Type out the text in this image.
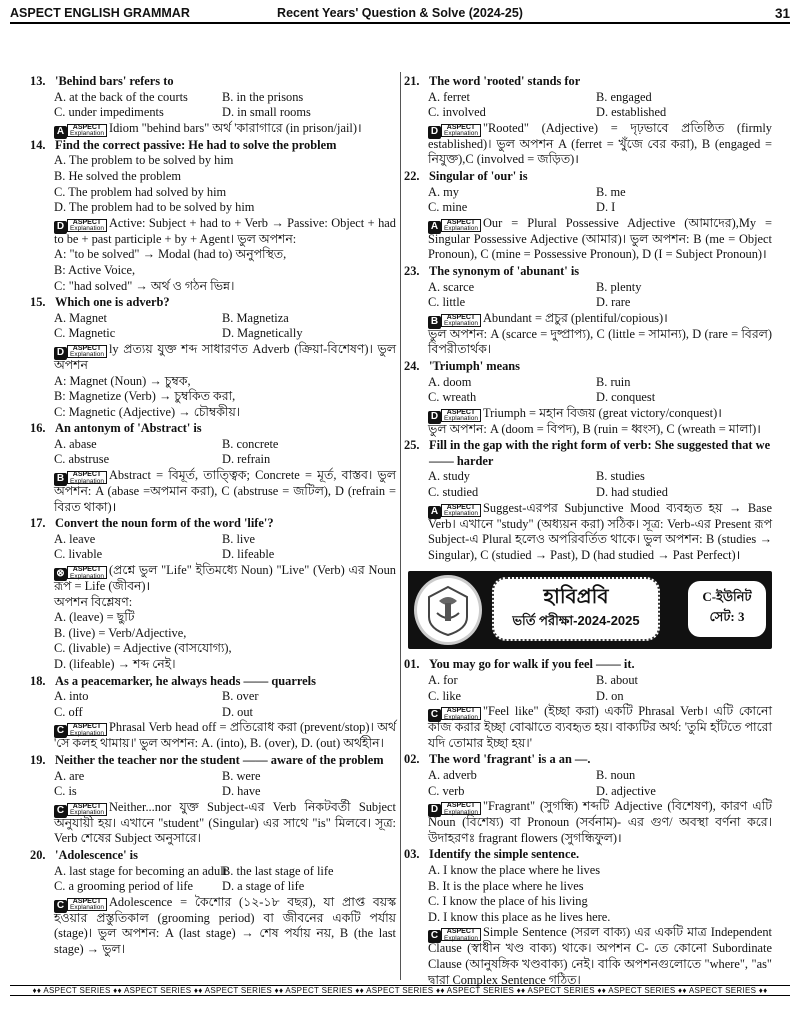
ASPECT ENGLISH GRAMMAR	Recent Years' Question & Solve (2024-25)	31
13. 'Behind bars' refers to
A. at the back of the courts	B. in the prisons
C. under impediments	D. in small rooms
A	ASPECT
Explanation Idiom "behind bars" অর্থ 'কারাগারে (in prison/jail)।
14. Find the correct passive: He had to solve the problem
A. The problem to be solved by him
B. He solved the problem
C. The problem had solved by him
D. The problem had to be solved by him
D	ASPECT
Explanation Active: Subject + had to + Verb → Passive: Object + had to be + past participle + by + Agent। ভুল অপশন:
A: "to be solved" → Modal (had to) অনুপস্থিত,
B: Active Voice,
C: "had solved" → অর্থ ও গঠন ভিন্ন।
15. Which one is adverb?
A. Magnet	B. Magnetiza
C. Magnetic	D. Magnetically
D	ASPECT
Explanation ly প্রত্যয় যুক্ত শব্দ সাধারণত Adverb (ক্রিয়া-বিশেষণ)। ভুল অপশন
A: Magnet (Noun) → চুম্বক,
B: Magnetize (Verb) → চুম্বকিত করা,
C: Magnetic (Adjective) → চৌম্বকীয়।
16. An antonym of 'Abstract' is
A. abase	B. concrete
C. abstruse	D. refrain
B	ASPECT
Explanation Abstract = বিমূর্ত, তাত্ত্বিক; Concrete = মূর্ত, বাস্তব। ভুল অপশন: A (abase =অপমান করা), C (abstruse = জটিল), D (refrain = বিরত থাকা)।
17. Convert the noun form of the word 'life'?
A. leave	B. live
C. livable	D. lifeable
⊗	ASPECT
Explanation (প্রশ্নে ভুল "Life" ইতিমধ্যে Noun) "Live" (Verb) এর Noun রূপ = Life (জীবন)।
অপশন বিশ্লেষণ:
A. (leave) = ছুটি
B. (live) = Verb/Adjective,
C. (livable) = Adjective (বাসযোগ্য),
D. (lifeable) → শব্দ নেই।
18. As a peacemarker, he always heads —— quarrels
A. into	B. over
C. off	D. out
C	ASPECT
Explanation Phrasal Verb head off = প্রতিরোধ করা (prevent/stop)। অর্থ 'সে কলহ থামায়।' ভুল অপশন: A. (into), B. (over), D. (out) অর্থহীন।
19. Neither the teacher nor the student —— aware of the problem
A. are	B. were
C. is	D. have
C	ASPECT
Explanation Neither...nor যুক্ত Subject-এর Verb নিকটবর্তী Subject অনুযায়ী হয়। এখানে "student" (Singular) এর সাথে "is" মিলবে। সূত্র: Verb শেষের Subject অনুসারে।
20. 'Adolescence' is
A. last stage for becoming an adult
B. the last stage of life
C. a grooming period of life	D. a stage of life
C	ASPECT
Explanation Adolescence = কৈশোর (১২-১৮ বছর), যা প্রাপ্ত বয়স্ক হওয়ার প্রস্তুতিকাল (grooming period) বা জীবনের একটি পর্যায় (stage)। ভুল অপশন: A (last stage) → শেষ পর্যায় নয়, B (the last stage) → ভুল।
21. The word 'rooted' stands for
A. ferret	B. engaged
C. involved	D. established
D	ASPECT
Explanation "Rooted" (Adjective) = দৃঢ়ভাবে প্রতিষ্ঠিত (firmly established)। ভুল অপশন A (ferret = খুঁজে বের করা), B (engaged = নিযুক্ত),C (involved = জড়িত)।
22. Singular of 'our' is
A. my	B. me
C. mine	D. I
A	ASPECT
Explanation Our = Plural Possessive Adjective (আমাদের),My = Singular Possessive Adjective (আমার)। ভুল অপশন: B (me = Object Pronoun), C (mine = Possessive Pronoun), D (I = Subject Pronoun)।
23. The synonym of 'abunant' is
A. scarce	B. plenty
C. little	D. rare
B	ASPECT
Explanation Abundant = প্রচুর (plentiful/copious)।
ভুল অপশন: A (scarce = দুষ্প্রাপ্য), C (little = সামান্য), D (rare = বিরল) বিপরীতার্থক।
24. 'Triumph' means
A. doom	B. ruin
C. wreath	D. conquest
D	ASPECT
Explanation Triumph = মহান বিজয় (great victory/conquest)।
ভুল অপশন: A (doom = বিপদ), B (ruin = ধ্বংস), C (wreath = মালা)।
25. Fill in the gap with the right form of verb: She suggested that we —— harder
A. study	B. studies
C. studied	D. had studied
A	ASPECT
Explanation Suggest-এরপর Subjunctive Mood ব্যবহৃত হয় → Base Verb। এখানে "study" (অধ্যয়ন করা) সঠিক। সূত্র: Verb-এর Present রূপ Subject-এ Plural হলেও অপরিবর্তিত থাকে। ভুল অপশন: B (studies → Singular), C (studied → Past), D (had studied → Past Perfect)।
হাবিপ্রবি
ভর্তি পরীক্ষা-2024-2025
C-ইউনিট
সেট: 3
01. You may go for walk if you feel —— it.
A. for	B. about
C. like	D. on
C	ASPECT
Explanation "Feel like" (ইচ্ছা করা) একটি Phrasal Verb। এটি কোনো কাজ করার ইচ্ছা বোঝাতে ব্যবহৃত হয়। বাক্যটির অর্থ: 'তুমি হাঁটতে পারো যদি তোমার ইচ্ছা হয়।'
02. The word 'fragrant' is a an —.
A. adverb	B. noun
C. verb	D. adjective
D	ASPECT
Explanation "Fragrant" (সুগন্ধি) শব্দটি Adjective (বিশেষণ), কারণ এটি Noun (বিশেষ্য) বা Pronoun (সর্বনাম)- এর গুণ/ অবস্থা বর্ণনা করে। উদাহরণঃ fragrant flowers (সুগন্ধিফুল)।
03. Identify the simple sentence.
A. I know the place where he lives
B. It is the place where he lives
C. I know the place of his living
D. I know this place as he lives here.
C	ASPECT
Explanation Simple Sentence (সরল বাক্য) এর একটি মাত্র Independent Clause (স্বাধীন খণ্ড বাক্য) থাকে। অপশন C- তে কোনো Subordinate Clause (আনুষঙ্গিক খণ্ডবাক্য) নেই। বাকি অপশনগুলোতে "where", "as" দ্বারা Complex Sentence গঠিত।
♦♦ ASPECT SERIES ♦♦ ASPECT SERIES ♦♦ ASPECT SERIES ♦♦ ASPECT SERIES ♦♦ ASPECT SERIES ♦♦ ASPECT SERIES ♦♦ ASPECT SERIES ♦♦ ASPECT SERIES ♦♦ ASPECT SERIES ♦♦
